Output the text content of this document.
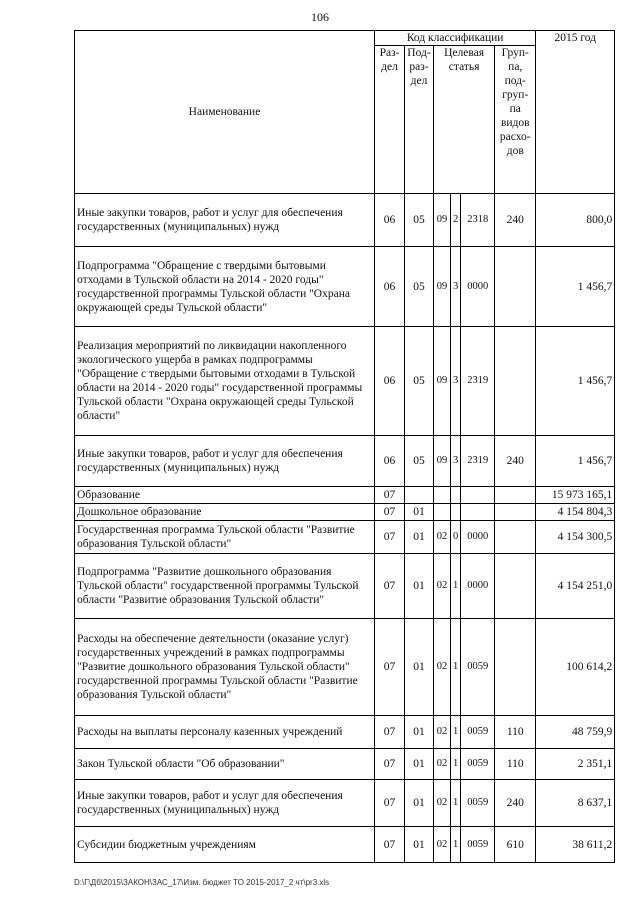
106
Наименование	Код классификации						2015 год
	Раз- дел	Под- раз- дел	Целевая статья			Груп- па, под- груп- па видов расхо- дов	
Иные закупки товаров, работ и услуг для обеспечения государственных (муниципальных) нужд	06	05	09	2	2318	240	800,0
Подпрограмма "Обращение с твердыми бытовыми отходами в Тульской области на 2014 - 2020 годы" государственной программы Тульской области "Охрана окружающей среды Тульской области"	06	05	09	3	0000		1 456,7
Реализация мероприятий по ликвидации накопленного экологического ущерба в рамках подпрограммы "Обращение с твердыми бытовыми отходами в Тульской области на 2014 - 2020 годы" государственной программы Тульской области "Охрана окружающей среды Тульской области"	06	05	09	3	2319		1 456,7
Иные закупки товаров, работ и услуг для обеспечения государственных (муниципальных) нужд	06	05	09	3	2319	240	1 456,7
Образование	07						15 973 165,1
Дошкольное образование	07	01					4 154 804,3
Государственная программа Тульской области "Развитие образования Тульской области"	07	01	02	0	0000		4 154 300,5
Подпрограмма "Развитие дошкольного образования Тульской области" государственной программы Тульской области "Развитие образования Тульской области"	07	01	02	1	0000		4 154 251,0
Расходы на обеспечение деятельности (оказание услуг) государственных учреждений в рамках подпрограммы "Развитие дошкольного образования Тульской области" государственной программы Тульской области "Развитие образования Тульской области"	07	01	02	1	0059		100 614,2
Расходы на выплаты персоналу казенных учреждений	07	01	02	1	0059	110	48 759,9
Закон Тульской области "Об образовании"	07	01	02	1	0059	110	2 351,1
Иные закупки товаров, работ и услуг для обеспечения государственных (муниципальных) нужд	07	01	02	1	0059	240	8 637,1
Субсидии бюджетным учреждениям	07	01	02	1	0059	610	38 611,2
D:\Г\Дб\2015\ЗАКОН\ЗАС_17\Изм. бюджет ТО 2015-2017_2 чт\pr3.xls
